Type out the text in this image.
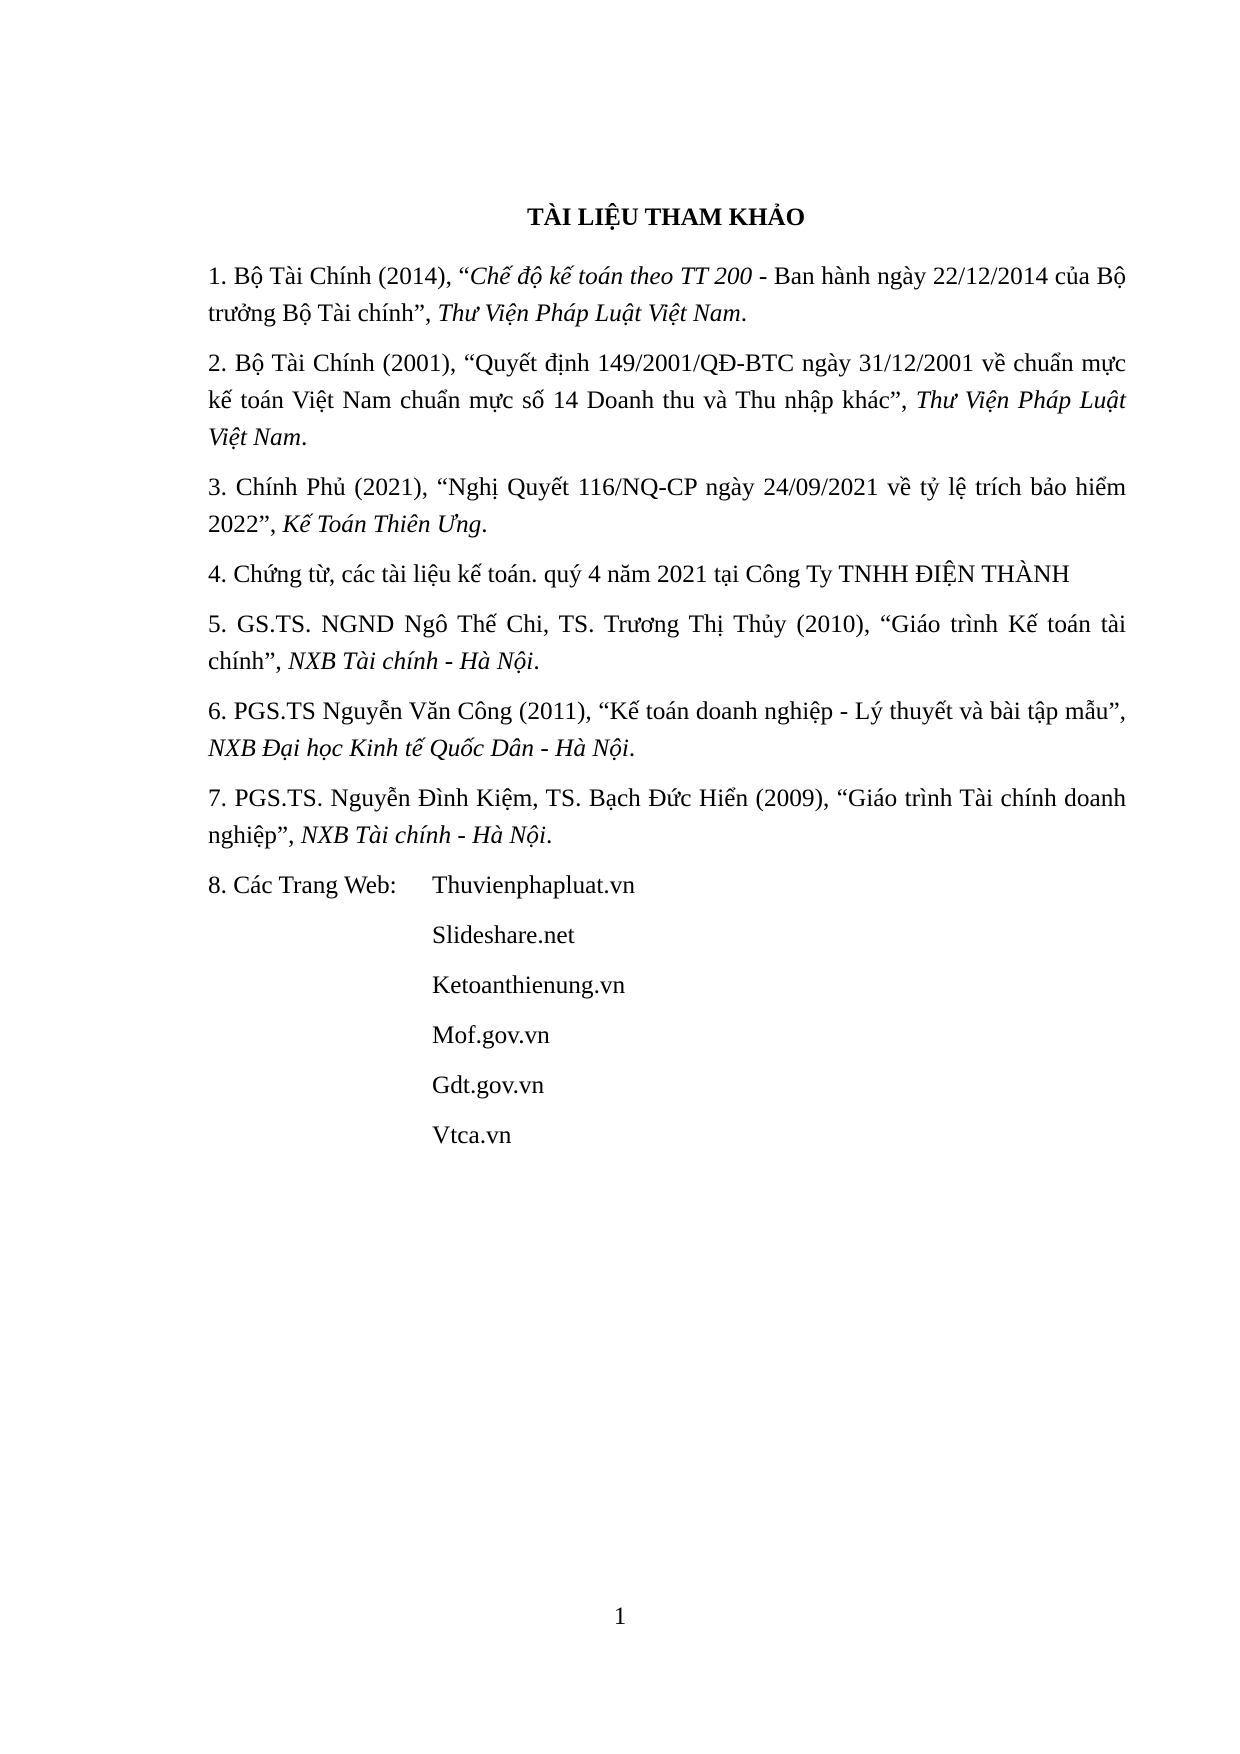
TÀI LIỆU THAM KHẢO

1. Bộ Tài Chính (2014), “Chế độ kế toán theo TT 200 - Ban hành ngày 22/12/2014 của Bộ trưởng Bộ Tài chính”, Thư Viện Pháp Luật Việt Nam.

2. Bộ Tài Chính (2001), “Quyết định 149/2001/QĐ-BTC ngày 31/12/2001 về chuẩn mực kế toán Việt Nam chuẩn mực số 14 Doanh thu và Thu nhập khác”, Thư Viện Pháp Luật Việt Nam.

3. Chính Phủ (2021), “Nghị Quyết 116/NQ-CP ngày 24/09/2021 về tỷ lệ trích bảo hiểm 2022”, Kế Toán Thiên Ưng.

4. Chứng từ, các tài liệu kế toán. quý 4 năm 2021 tại Công Ty TNHH ĐIỆN THÀNH

5. GS.TS. NGND Ngô Thế Chi, TS. Trương Thị Thủy (2010), “Giáo trình Kế toán tài chính”, NXB Tài chính - Hà Nội.

6. PGS.TS Nguyễn Văn Công (2011), “Kế toán doanh nghiệp - Lý thuyết và bài tập mẫu”, NXB Đại học Kinh tế Quốc Dân - Hà Nội.

7. PGS.TS. Nguyễn Đình Kiệm, TS. Bạch Đức Hiển (2009), “Giáo trình Tài chính doanh nghiệp”, NXB Tài chính - Hà Nội.

8. Các Trang Web:	Thuvienphapluat.vn
Slideshare.net
Ketoanthienung.vn
Mof.gov.vn
Gdt.gov.vn
Vtca.vn
1
